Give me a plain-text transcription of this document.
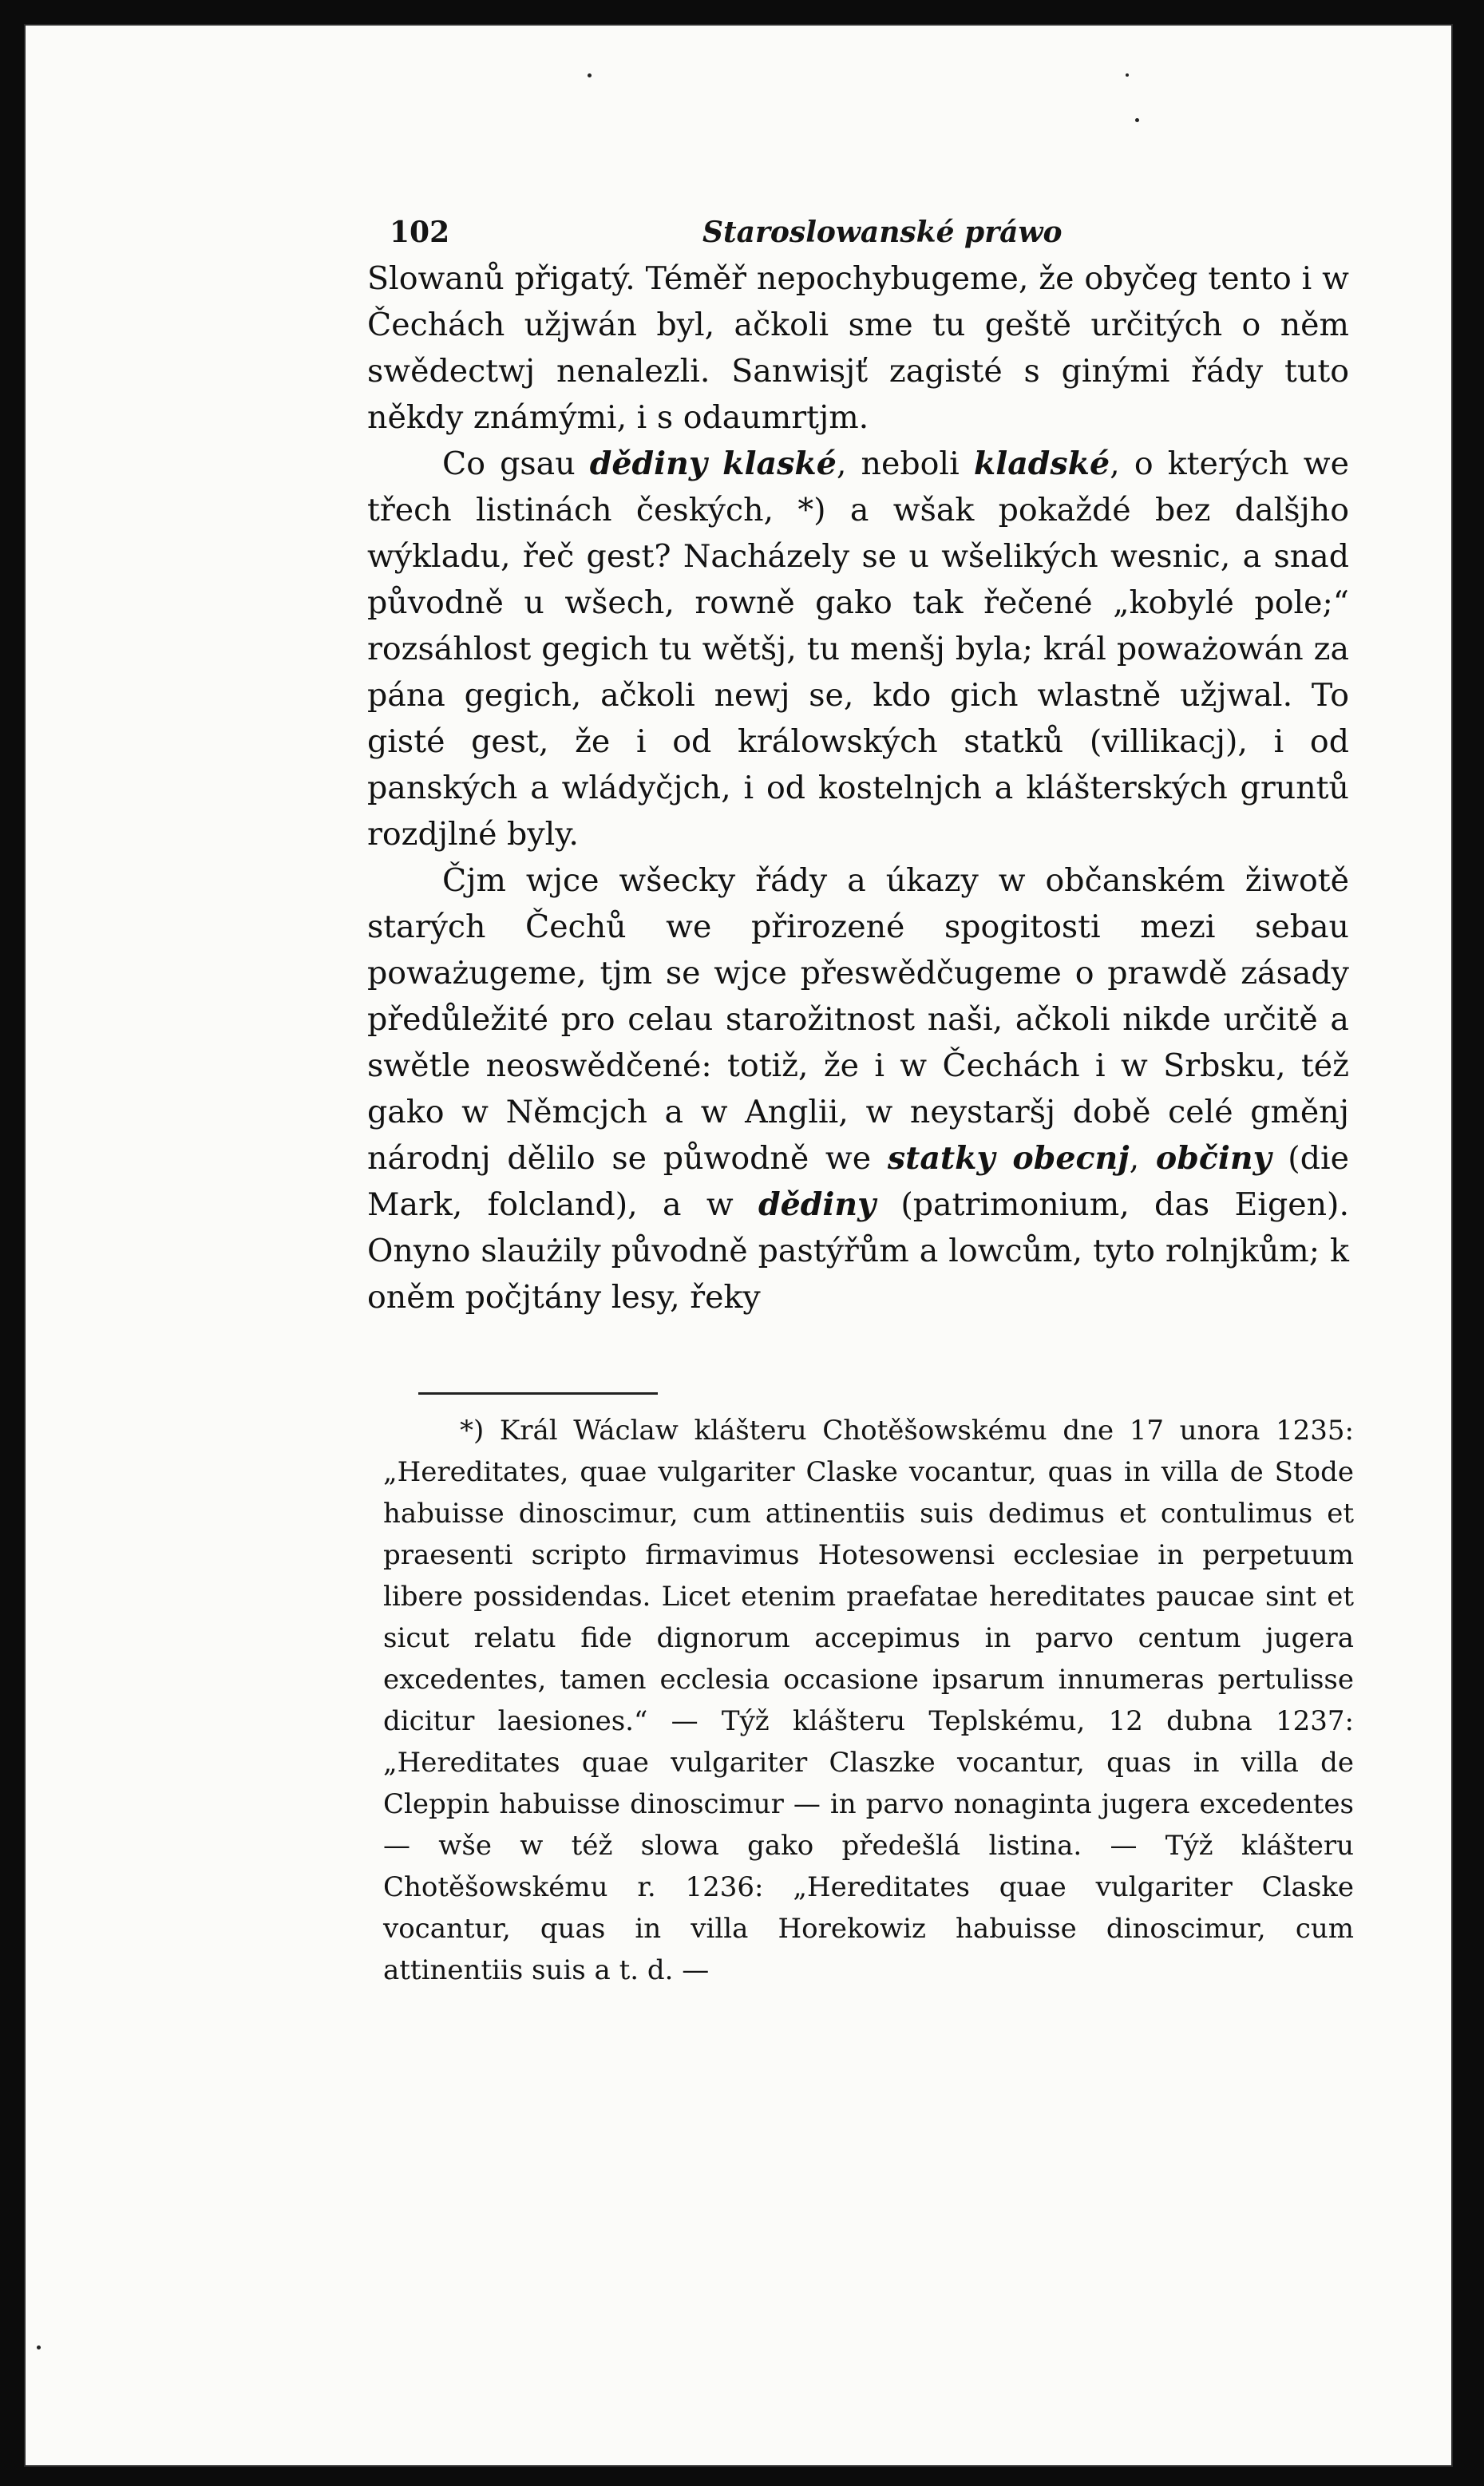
102	Staroslowanské práwo

Slowanů přigatý. Téměř nepochybugeme, že obyčeg tento i w Čechách užjwán byl, ačkoli sme tu geště určitých o něm swědectwj nenalezli. Sanwisjť zagisté s ginými řády tuto někdy známými, i s odaumrtjm.

Co gsau dědiny klaské, neboli kladské, o kterých we třech listinách českých, *) a wšak pokaždé bez dalšjho wýkladu, řeč gest? Nacházely se u wšelikých wesnic, a snad původně u wšech, rowně gako tak řečené „kobylé pole;“ rozsáhlost gegich tu wětšj, tu menšj byla; král poważowán za pána gegich, ačkoli newj se, kdo gich wlastně užjwal. To gisté gest, že i od králowských statků (villikacj), i od panských a wládyčjch, i od kostelnjch a klášterských gruntů rozdjlné byly.

Čjm wjce wšecky řády a úkazy w občanském žiwotě starých Čechů we přirozené spogitosti mezi sebau poważugeme, tjm se wjce přeswědčugeme o prawdě zásady předůležité pro celau starožitnost naši, ačkoli nikde určitě a swětle neoswědčené: totiž, že i w Čechách i w Srbsku, též gako w Němcjch a w Anglii, w neystaršj době celé gměnj národnj dělilo se půwodně we statky obecnj, občiny (die Mark, folcland), a w dědiny (patrimonium, das Eigen). Onyno slaużily původně pastýřům a lowcům, tyto rolnjkům; k oněm počjtány lesy, řeky

*) Král Wáclaw klášteru Chotěšowskému dne 17 unora 1235: „Hereditates, quae vulgariter Claske vocantur, quas in villa de Stode habuisse dinoscimur, cum attinentiis suis dedimus et contulimus et praesenti scripto firmavimus Hotesowensi ecclesiae in perpetuum libere possidendas. Licet etenim praefatae hereditates paucae sint et sicut relatu fide dignorum accepimus in parvo centum jugera excedentes, tamen ecclesia occasione ipsarum innumeras pertulisse dicitur laesiones.“ — Týž klášteru Teplskému, 12 dubna 1237: „Hereditates quae vulgariter Claszke vocantur, quas in villa de Cleppin habuisse dinoscimur — in parvo nonaginta jugera excedentes — wše w též slowa gako předešlá listina. — Týž klášteru Chotěšowskému r. 1236: „Hereditates quae vulgariter Claske vocantur, quas in villa Horekowiz habuisse dinoscimur, cum attinentiis suis a t. d. —
